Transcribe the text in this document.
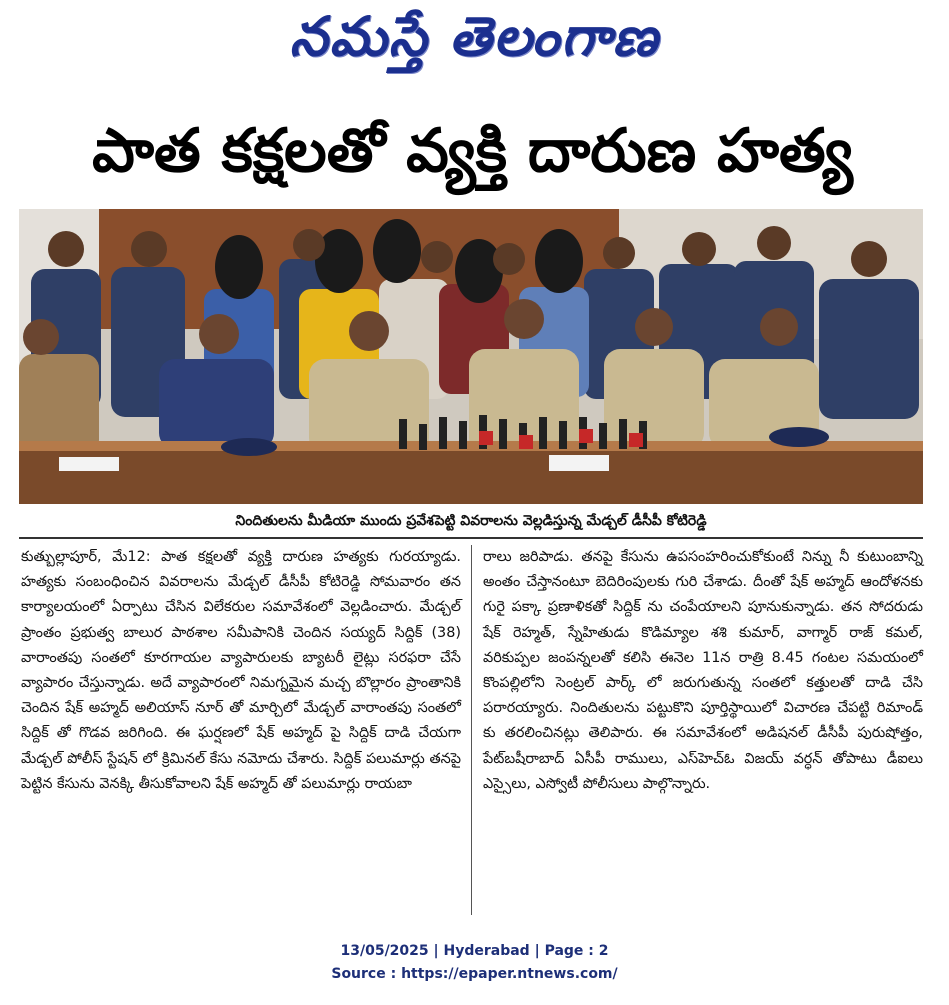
నమస్తే తెలంగాణ
పాత కక్షలతో వ్యక్తి దారుణ హత్య
నిందితులను మీడియా ముందు ప్రవేశపెట్టి వివరాలను వెల్లడిస్తున్న మేడ్చల్ డీసీపీ కోటిరెడ్డి
కుత్బుల్లాపూర్, మే12: పాత కక్షలతో వ్యక్తి దారుణ హత్యకు గురయ్యాడు. హత్యకు సంబంధించిన వివరాలను మేడ్చల్ డీసీపీ కోటిరెడ్డి సోమవారం తన కార్యాలయంలో ఏర్పాటు చేసిన విలేకరుల సమావేశంలో వెల్లడించారు. మేడ్చల్ ప్రాంతం ప్రభుత్వ బాలుర పాఠశాల సమీపానికి చెందిన సయ్యద్ సిద్దిక్ (38) వారాంతపు సంతలో కూరగాయల వ్యాపారులకు బ్యాటరీ లైట్లు సరఫరా చేసే వ్యాపారం చేస్తున్నాడు. అదే వ్యాపారంలో నిమగ్నమైన మచ్చ బొల్లారం ప్రాంతానికి చెందిన షేక్ అహ్మద్ అలియాస్ నూర్ తో మార్చిలో మేడ్చల్ వారాంతపు సంతలో సిద్దిక్ తో గొడవ జరిగింది. ఈ ఘర్షణలో షేక్ అహ్మద్ పై సిద్దిక్ దాడి చేయగా మేడ్చల్ పోలీస్ స్టేషన్ లో క్రిమినల్ కేసు నమోదు చేశారు. సిద్దిక్ పలుమార్లు తనపై పెట్టిన కేసును వెనక్కి తీసుకోవాలని షేక్ అహ్మద్ తో పలుమార్లు రాయబా
రాలు జరిపాడు. తనపై కేసును ఉపసంహరించుకోకుంటే నిన్ను నీ కుటుంబాన్ని అంతం చేస్తానంటూ బెదిరింపులకు గురి చేశాడు. దీంతో షేక్ అహ్మద్ ఆందోళనకు గురై పక్కా ప్రణాళికతో సిద్దిక్ ను చంపేయాలని పూనుకున్నాడు. తన సోదరుడు షేక్ రెహ్మత్, స్నేహితుడు కొడిమ్యాల శశి కుమార్, వాగ్మార్ రాజ్ కమల్, వరికుప్పల జంపన్నలతో కలిసి ఈనెల 11న రాత్రి 8.45 గంటల సమయంలో కొంపల్లిలోని సెంట్రల్ పార్క్ లో జరుగుతున్న సంతలో కత్తులతో దాడి చేసి పరారయ్యారు. నిందితులను పట్టుకొని పూర్తిస్థాయిలో విచారణ చేపట్టి రిమాండ్ కు తరలించినట్లు తెలిపారు. ఈ సమావేశంలో అడిషనల్ డీసీపీ పురుషోత్తం, పేట్‌బషీరాబాద్ ఏసీపీ రాములు, ఎస్‌హెచ్‌ఓ విజయ్ వర్ధన్ తోపాటు డీఐలు ఎస్సైలు, ఎస్వోటీ పోలీసులు పాల్గొన్నారు.
13/05/2025 | Hyderabad | Page : 2
Source : https://epaper.ntnews.com/
